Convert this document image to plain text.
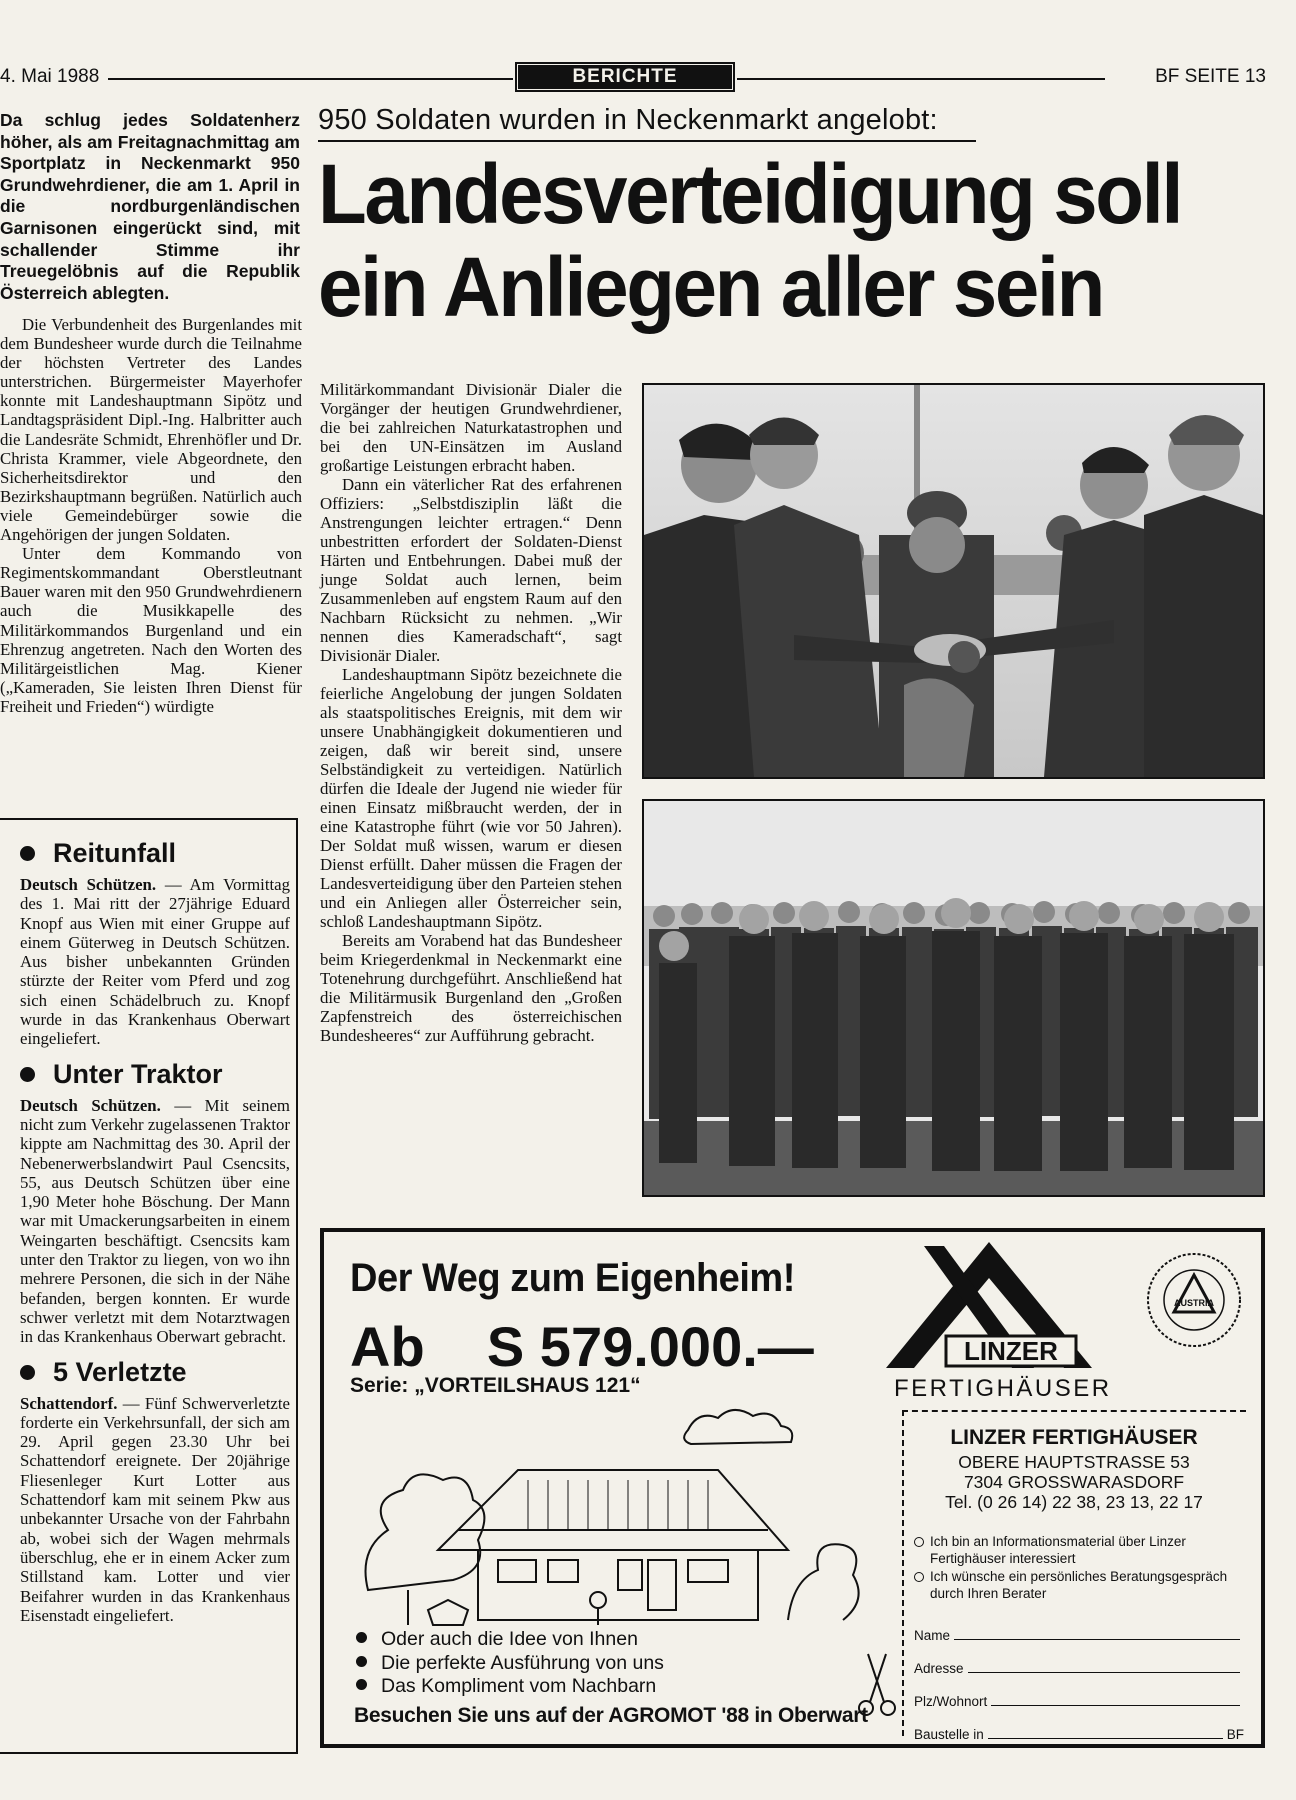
4. Mai 1988	BERICHTE	BF SEITE 13
Da schlug jedes Soldatenherz höher, als am Freitagnachmittag am Sportplatz in Neckenmarkt 950 Grundwehrdiener, die am 1. April in die nordburgenländischen Garnisonen eingerückt sind, mit schallender Stimme ihr Treuegelöbnis auf die Republik Österreich ablegten.

Die Verbundenheit des Burgenlandes mit dem Bundesheer wurde durch die Teilnahme der höchsten Vertreter des Landes unterstrichen. Bürgermeister Mayerhofer konnte mit Landeshauptmann Sipötz und Landtagspräsident Dipl.-Ing. Halbritter auch die Landesräte Schmidt, Ehrenhöfler und Dr. Christa Krammer, viele Abgeordnete, den Sicherheitsdirektor und den Bezirkshauptmann begrüßen. Natürlich auch viele Gemeindebürger sowie die Angehörigen der jungen Soldaten.

Unter dem Kommando von Regimentskommandant Oberstleutnant Bauer waren mit den 950 Grundwehrdienern auch die Musikkapelle des Militärkommandos Burgenland und ein Ehrenzug angetreten. Nach den Worten des Militärgeistlichen Mag. Kiener („Kameraden, Sie leisten Ihren Dienst für Freiheit und Frieden“) würdigte

950 Soldaten wurden in Neckenmarkt angelobt:
Landesverteidigung soll
ein Anliegen aller sein

Militärkommandant Divisionär Dialer die Vorgänger der heutigen Grundwehrdiener, die bei zahlreichen Naturkatastrophen und bei den UN-Einsätzen im Ausland großartige Leistungen erbracht haben.

Dann ein väterlicher Rat des erfahrenen Offiziers: „Selbstdisziplin läßt die Anstrengungen leichter ertragen.“ Denn unbestritten erfordert der Soldaten-Dienst Härten und Entbehrungen. Dabei muß der junge Soldat auch lernen, beim Zusammenleben auf engstem Raum auf den Nachbarn Rücksicht zu nehmen. „Wir nennen dies Kameradschaft“, sagt Divisionär Dialer.

Landeshauptmann Sipötz bezeichnete die feierliche Angelobung der jungen Soldaten als staatspolitisches Ereignis, mit dem wir unsere Unabhängigkeit dokumentieren und zeigen, daß wir bereit sind, unsere Selbständigkeit zu verteidigen. Natürlich dürfen die Ideale der Jugend nie wieder für einen Einsatz mißbraucht werden, der in eine Katastrophe führt (wie vor 50 Jahren). Der Soldat muß wissen, warum er diesen Dienst erfüllt. Daher müssen die Fragen der Landesverteidigung über den Parteien stehen und ein Anliegen aller Österreicher sein, schloß Landeshauptmann Sipötz.

Bereits am Vorabend hat das Bundesheer beim Kriegerdenkmal in Neckenmarkt eine Totenehrung durchgeführt. Anschließend hat die Militärmusik Burgenland den „Großen Zapfenstreich des österreichischen Bundesheeres“ zur Aufführung gebracht.

Reitunfall

Deutsch Schützen. — Am Vormittag des 1. Mai ritt der 27jährige Eduard Knopf aus Wien mit einer Gruppe auf einem Güterweg in Deutsch Schützen. Aus bisher unbekannten Gründen stürzte der Reiter vom Pferd und zog sich einen Schädelbruch zu. Knopf wurde in das Krankenhaus Oberwart eingeliefert.

Unter Traktor

Deutsch Schützen. — Mit seinem nicht zum Verkehr zugelassenen Traktor kippte am Nachmittag des 30. April der Nebenerwerbslandwirt Paul Csencsits, 55, aus Deutsch Schützen über eine 1,90 Meter hohe Böschung. Der Mann war mit Umackerungsarbeiten in einem Weingarten beschäftigt. Csencsits kam unter den Traktor zu liegen, von wo ihn mehrere Personen, die sich in der Nähe befanden, bergen konnten. Er wurde schwer verletzt mit dem Notarztwagen in das Krankenhaus Oberwart gebracht.

5 Verletzte

Schattendorf. — Fünf Schwerverletzte forderte ein Verkehrsunfall, der sich am 29. April gegen 23.30 Uhr bei Schattendorf ereignete. Der 20jährige Fliesenleger Kurt Lotter aus Schattendorf kam mit seinem Pkw aus unbekannter Ursache von der Fahrbahn ab, wobei sich der Wagen mehrmals überschlug, ehe er in einem Acker zum Stillstand kam. Lotter und vier Beifahrer wurden in das Krankenhaus Eisenstadt eingeliefert.

Der Weg zum Eigenheim!
Ab    S 579.000.—
Serie: „VORTEILSHAUS 121“
Oder auch die Idee von Ihnen
Die perfekte Ausführung von uns
Das Kompliment vom Nachbarn
Besuchen Sie uns auf der AGROMOT '88 in Oberwart
LINZER
FERTIGHÄUSER
AUSTRIA
LINZER FERTIGHÄUSER
OBERE HAUPTSTRASSE 53
7304 GROSSWARASDORF
Tel. (0 26 14) 22 38, 23 13, 22 17
Ich bin an Informationsmaterial über Linzer Fertighäuser interessiert
Ich wünsche ein persönliches Beratungsgespräch durch Ihren Berater
Name
Adresse
Plz/Wohnort
Baustelle in	BF
